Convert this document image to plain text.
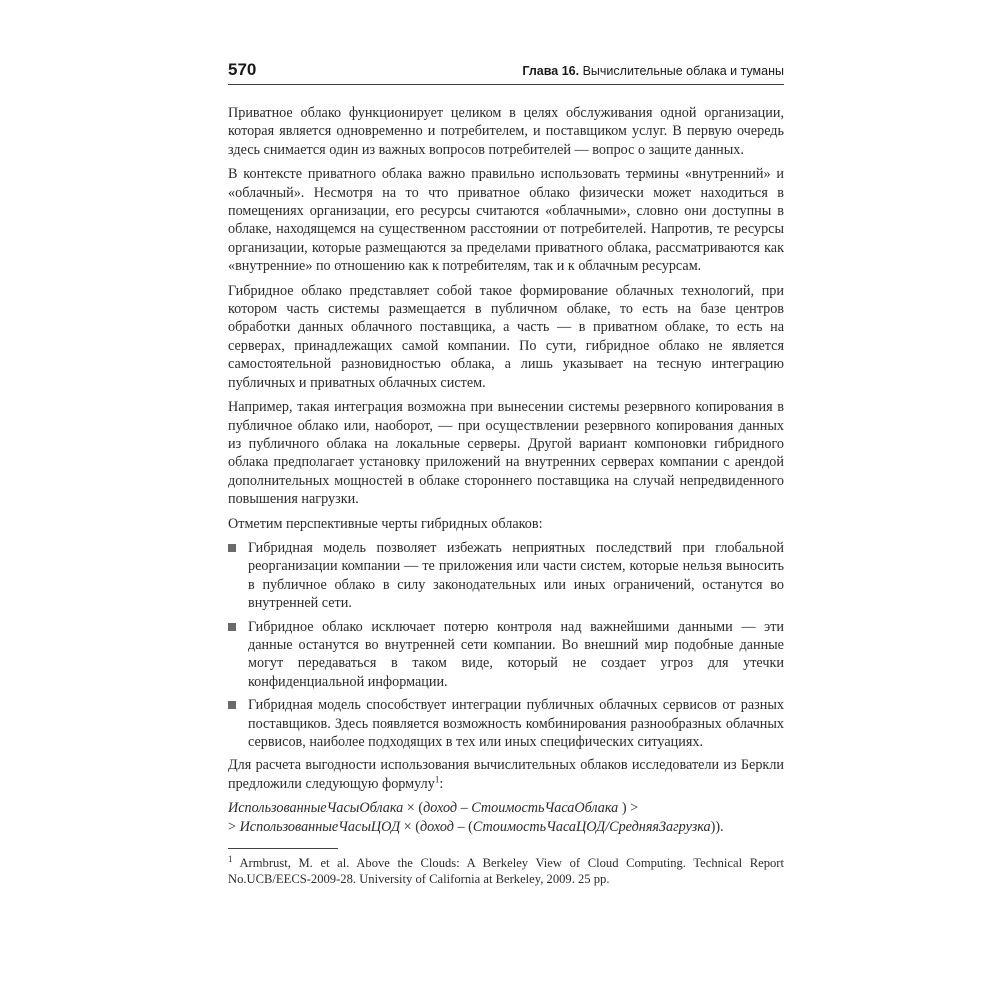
570	Глава 16. Вычислительные облака и туманы

Приватное облако функционирует целиком в целях обслуживания одной организации, которая является одновременно и потребителем, и поставщиком услуг. В первую очередь здесь снимается один из важных вопросов потребителей — вопрос о защите данных.

В контексте приватного облака важно правильно использовать термины «внутренний» и «облачный». Несмотря на то что приватное облако физически может находиться в помещениях организации, его ресурсы считаются «облачными», словно они доступны в облаке, находящемся на существенном расстоянии от потребителей. Напротив, те ресурсы организации, которые размещаются за пределами приватного облака, рассматриваются как «внутренние» по отношению как к потребителям, так и к облачным ресурсам.

Гибридное облако представляет собой такое формирование облачных технологий, при котором часть системы размещается в публичном облаке, то есть на базе центров обработки данных облачного поставщика, а часть — в приватном облаке, то есть на серверах, принадлежащих самой компании. По сути, гибридное облако не является самостоятельной разновидностью облака, а лишь указывает на тесную интеграцию публичных и приватных облачных систем.

Например, такая интеграция возможна при вынесении системы резервного копирования в публичное облако или, наоборот, — при осуществлении резервного копирования данных из публичного облака на локальные серверы. Другой вариант компоновки гибридного облака предполагает установку приложений на внутренних серверах компании с арендой дополнительных мощностей в облаке стороннего поставщика на случай непредвиденного повышения нагрузки.

Отметим перспективные черты гибридных облаков:

Гибридная модель позволяет избежать неприятных последствий при глобальной реорганизации компании — те приложения или части систем, которые нельзя выносить в публичное облако в силу законодательных или иных ограничений, останутся во внутренней сети.
Гибридное облако исключает потерю контроля над важнейшими данными — эти данные останутся во внутренней сети компании. Во внешний мир подобные данные могут передаваться в таком виде, который не создает угроз для утечки конфиденциальной информации.
Гибридная модель способствует интеграции публичных облачных сервисов от разных поставщиков. Здесь появляется возможность комбинирования разнообразных облачных сервисов, наиболее подходящих в тех или иных специфических ситуациях.

Для расчета выгодности использования вычислительных облаков исследователи из Беркли предложили следующую формулу$^1$:

ИспользованныеЧасыОблака × (доход – СтоимостьЧасаОблака ) >
> ИспользованныеЧасыЦОД × (доход – (СтоимостьЧасаЦОД/СредняяЗагрузка)).

$^1$ Armbrust, M. et al. Above the Clouds: A Berkeley View of Cloud Computing. Technical Report No.UCB/EECS-2009-28. University of California at Berkeley, 2009. 25 pp.
